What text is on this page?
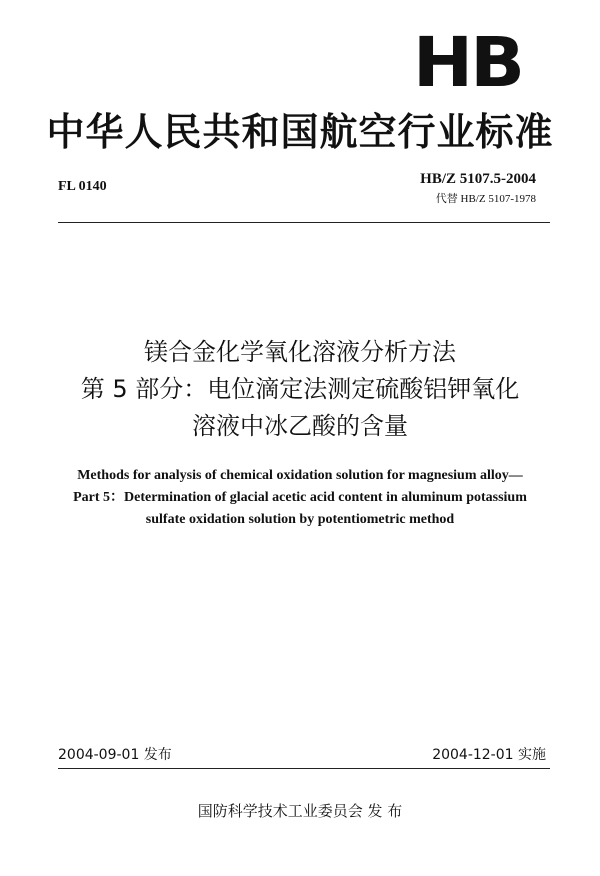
HB
中华人民共和国航空行业标准
FL 0140	HB/Z 5107.5-2004
代替 HB/Z 5107-1978
镁合金化学氧化溶液分析方法
第 5 部分：电位滴定法测定硫酸铝钾氧化
溶液中冰乙酸的含量
Methods for analysis of chemical oxidation solution for magnesium alloy—
Part 5：Determination of glacial acetic acid content in aluminum potassium
sulfate oxidation solution by potentiometric method
2004-09-01 发布	2004-12-01 实施
国防科学技术工业委员会 发 布
